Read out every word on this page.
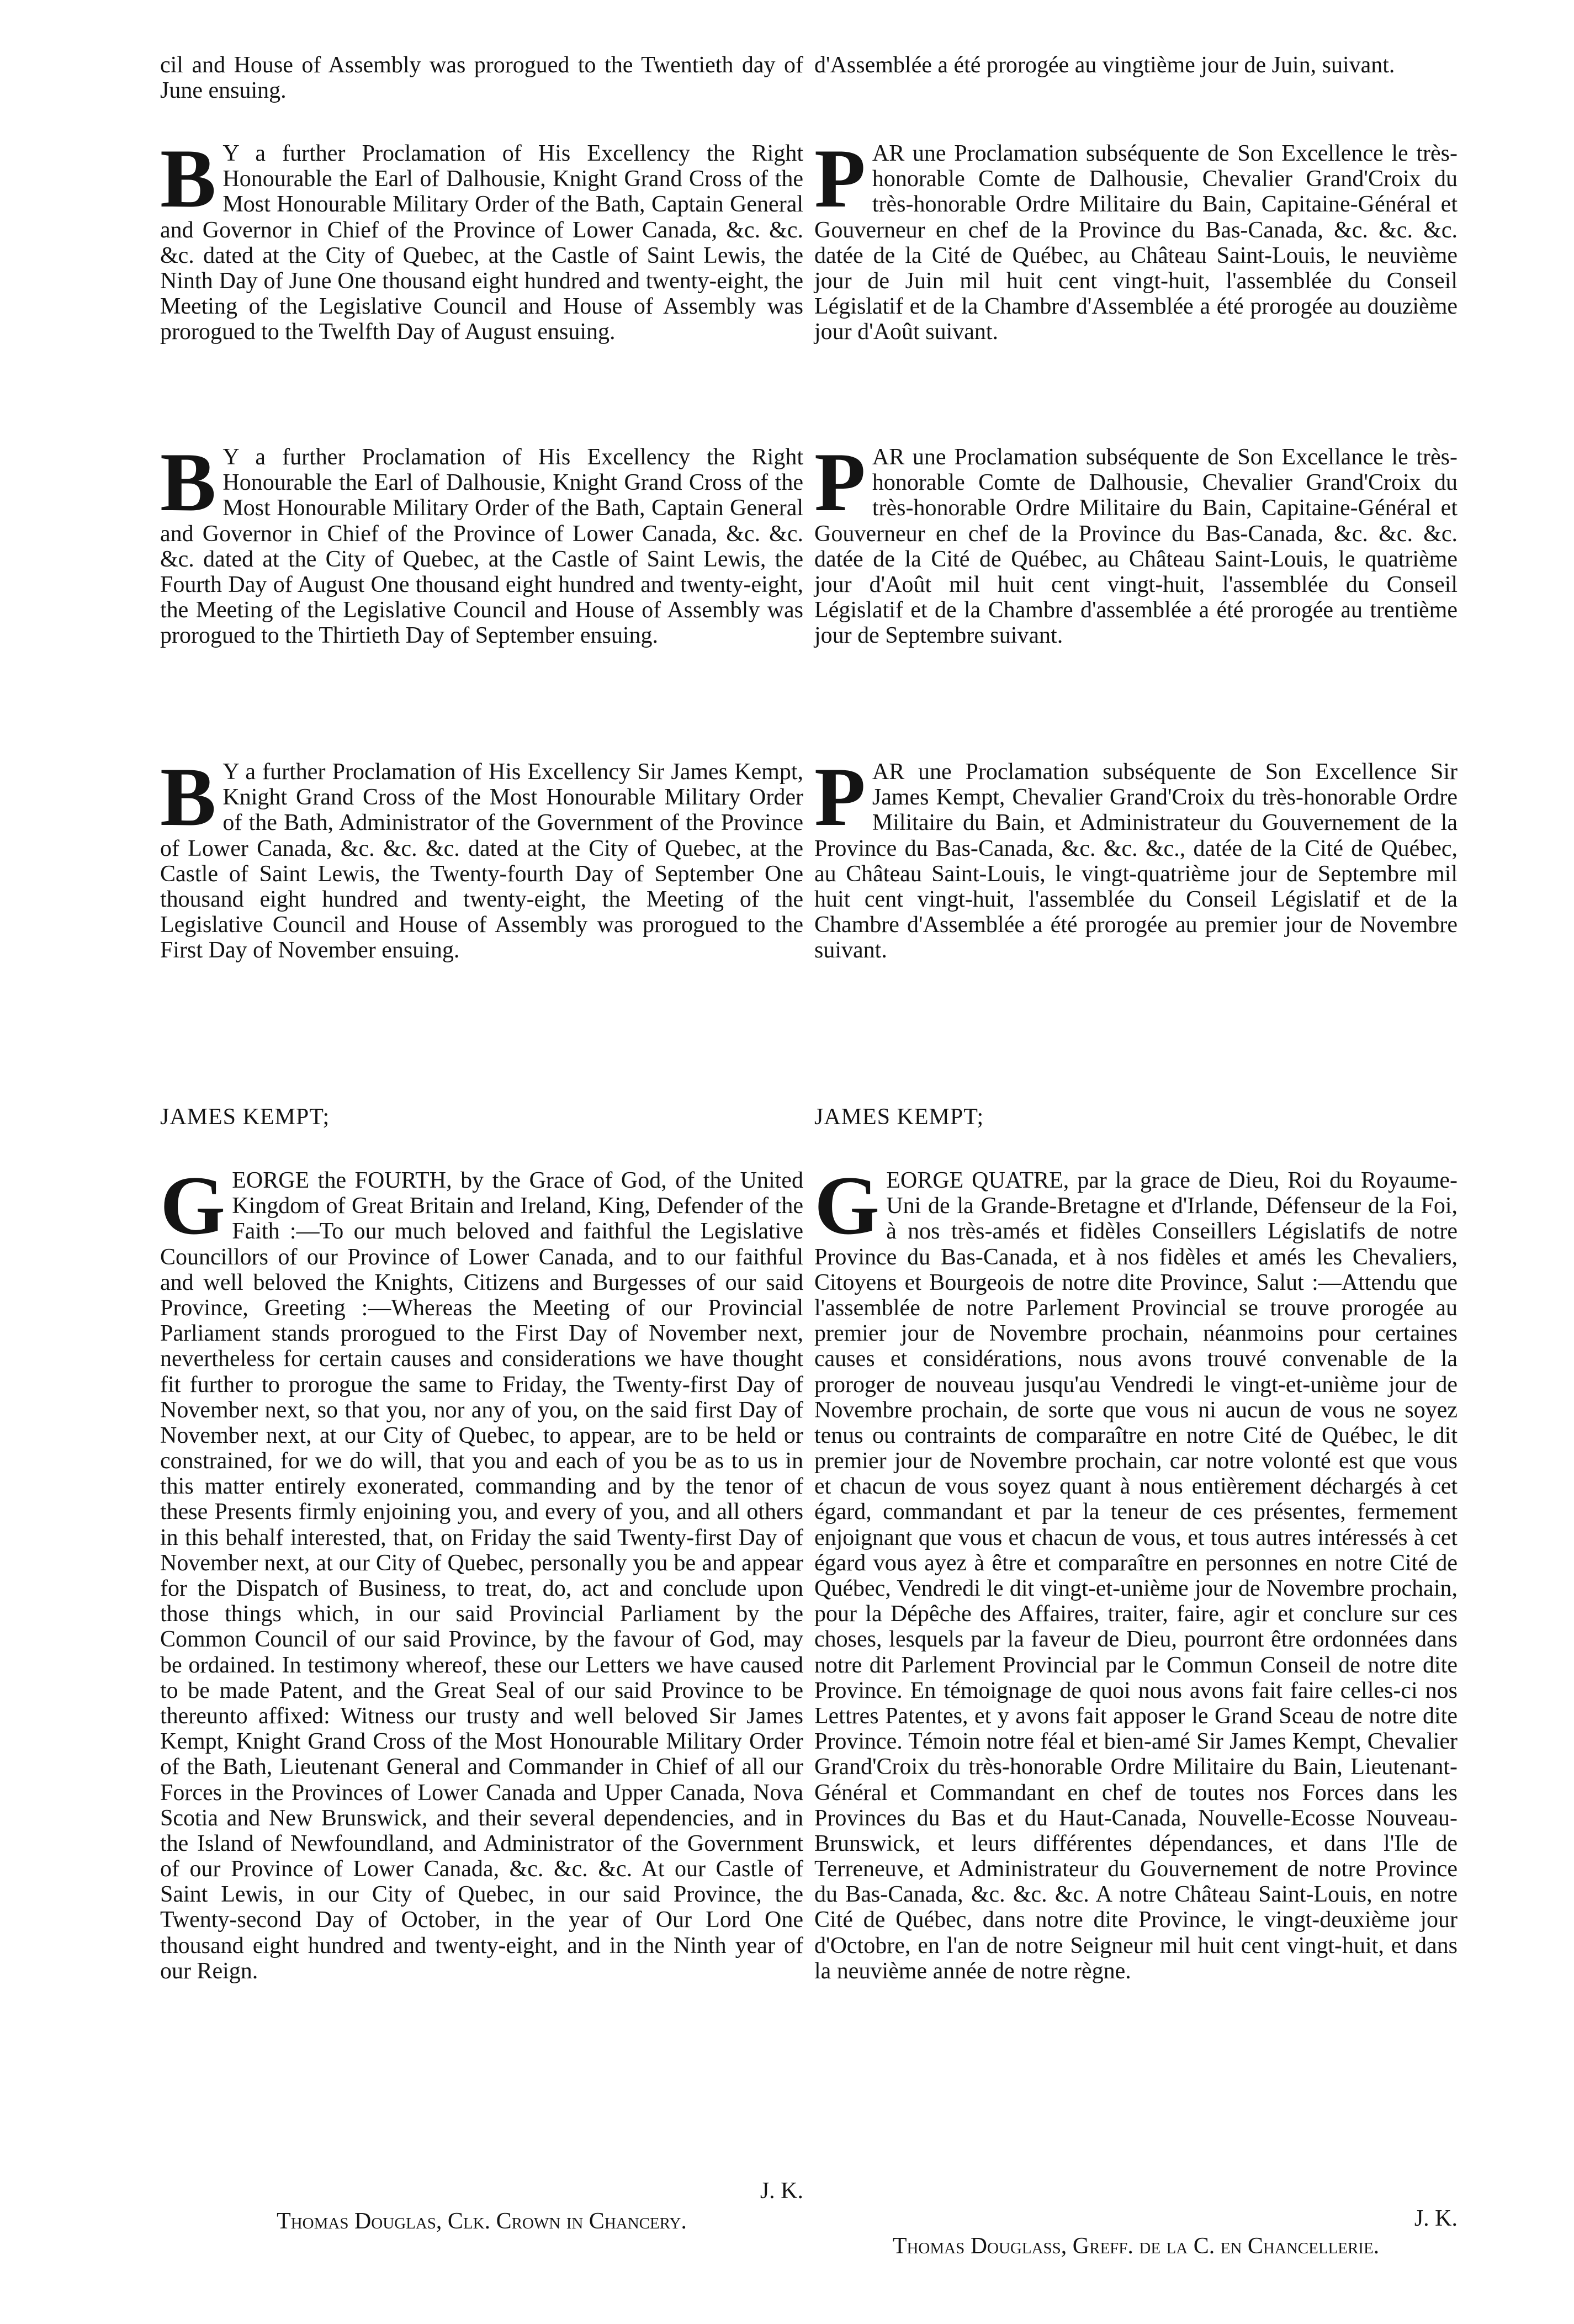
cil and House of Assembly was prorogued to the Twentieth day of June ensuing.

B Y a further Proclamation of His Excellency the Right Honourable the Earl of Dalhousie, Knight Grand Cross of the Most Honourable Military Order of the Bath, Captain General and Governor in Chief of the Province of Lower Canada, &c. &c. &c. dated at the City of Quebec, at the Castle of Saint Lewis, the Ninth Day of June One thousand eight hundred and twenty-eight, the Meeting of the Legislative Council and House of Assembly was prorogued to the Twelfth Day of August ensuing.

B Y a further Proclamation of His Excellency the Right Honourable the Earl of Dalhousie, Knight Grand Cross of the Most Honourable Military Order of the Bath, Captain General and Governor in Chief of the Province of Lower Canada, &c. &c. &c. dated at the City of Quebec, at the Castle of Saint Lewis, the Fourth Day of August One thousand eight hundred and twenty-eight, the Meeting of the Legislative Council and House of Assembly was prorogued to the Thirtieth Day of September ensuing.

B Y a further Proclamation of His Excellency Sir James Kempt, Knight Grand Cross of the Most Honourable Military Order of the Bath, Administrator of the Government of the Province of Lower Canada, &c. &c. &c. dated at the City of Quebec, at the Castle of Saint Lewis, the Twenty-fourth Day of September One thousand eight hundred and twenty-eight, the Meeting of the Legislative Council and House of Assembly was prorogued to the First Day of November ensuing.

JAMES KEMPT;

G EORGE the FOURTH, by the Grace of God, of the United Kingdom of Great Britain and Ireland, King, Defender of the Faith :—To our much beloved and faithful the Legislative Councillors of our Province of Lower Canada, and to our faithful and well beloved the Knights, Citizens and Burgesses of our said Province, Greeting :—Whereas the Meeting of our Provincial Parliament stands prorogued to the First Day of November next, nevertheless for certain causes and considerations we have thought fit further to prorogue the same to Friday, the Twenty-first Day of November next, so that you, nor any of you, on the said first Day of November next, at our City of Quebec, to appear, are to be held or constrained, for we do will, that you and each of you be as to us in this matter entirely exonerated, commanding and by the tenor of these Presents firmly enjoining you, and every of you, and all others in this behalf interested, that, on Friday the said Twenty-first Day of November next, at our City of Quebec, personally you be and appear for the Dispatch of Business, to treat, do, act and conclude upon those things which, in our said Provincial Parliament by the Common Council of our said Province, by the favour of God, may be ordained. In testimony whereof, these our Letters we have caused to be made Patent, and the Great Seal of our said Province to be thereunto affixed: Witness our trusty and well beloved Sir James Kempt, Knight Grand Cross of the Most Honourable Military Order of the Bath, Lieutenant General and Commander in Chief of all our Forces in the Provinces of Lower Canada and Upper Canada, Nova Scotia and New Brunswick, and their several dependencies, and in the Island of Newfoundland, and Administrator of the Government of our Province of Lower Canada, &c. &c. &c. At our Castle of Saint Lewis, in our City of Quebec, in our said Province, the Twenty-second Day of October, in the year of Our Lord One thousand eight hundred and twenty-eight, and in the Ninth year of our Reign.

J. K.

Thomas Douglas, Clk. Crown in Chancery.

d'Assemblée a été prorogée au vingtième jour de Juin, suivant.

P AR une Proclamation subséquente de Son Excellence le très-honorable Comte de Dalhousie, Chevalier Grand'Croix du très-honorable Ordre Militaire du Bain, Capitaine-Général et Gouverneur en chef de la Province du Bas-Canada, &c. &c. &c. datée de la Cité de Québec, au Château Saint-Louis, le neuvième jour de Juin mil huit cent vingt-huit, l'assemblée du Conseil Législatif et de la Chambre d'Assemblée a été prorogée au douzième jour d'Août suivant.

P AR une Proclamation subséquente de Son Excellance le très-honorable Comte de Dalhousie, Chevalier Grand'Croix du très-honorable Ordre Militaire du Bain, Capitaine-Général et Gouverneur en chef de la Province du Bas-Canada, &c. &c. &c. datée de la Cité de Québec, au Château Saint-Louis, le quatrième jour d'Août mil huit cent vingt-huit, l'assemblée du Conseil Législatif et de la Chambre d'assemblée a été prorogée au trentième jour de Septembre suivant.

P AR une Proclamation subséquente de Son Excellence Sir James Kempt, Chevalier Grand'Croix du très-honorable Ordre Militaire du Bain, et Administrateur du Gouvernement de la Province du Bas-Canada, &c. &c. &c., datée de la Cité de Québec, au Château Saint-Louis, le vingt-quatrième jour de Septembre mil huit cent vingt-huit, l'assemblée du Conseil Législatif et de la Chambre d'Assemblée a été prorogée au premier jour de Novembre suivant.

JAMES KEMPT;

G EORGE QUATRE, par la grace de Dieu, Roi du Royaume-Uni de la Grande-Bretagne et d'Irlande, Défenseur de la Foi, à nos très-amés et fidèles Conseillers Législatifs de notre Province du Bas-Canada, et à nos fidèles et amés les Chevaliers, Citoyens et Bourgeois de notre dite Province, Salut :—Attendu que l'assemblée de notre Parlement Provincial se trouve prorogée au premier jour de Novembre prochain, néanmoins pour certaines causes et considérations, nous avons trouvé convenable de la proroger de nouveau jusqu'au Vendredi le vingt-et-unième jour de Novembre prochain, de sorte que vous ni aucun de vous ne soyez tenus ou contraints de comparaître en notre Cité de Québec, le dit premier jour de Novembre prochain, car notre volonté est que vous et chacun de vous soyez quant à nous entièrement déchargés à cet égard, commandant et par la teneur de ces présentes, fermement enjoignant que vous et chacun de vous, et tous autres intéressés à cet égard vous ayez à être et comparaître en personnes en notre Cité de Québec, Vendredi le dit vingt-et-unième jour de Novembre prochain, pour la Dépêche des Affaires, traiter, faire, agir et conclure sur ces choses, lesquels par la faveur de Dieu, pourront être ordonnées dans notre dit Parlement Provincial par le Commun Conseil de notre dite Province. En témoignage de quoi nous avons fait faire celles-ci nos Lettres Patentes, et y avons fait apposer le Grand Sceau de notre dite Province. Témoin notre féal et bien-amé Sir James Kempt, Chevalier Grand'Croix du très-honorable Ordre Militaire du Bain, Lieutenant-Général et Commandant en chef de toutes nos Forces dans les Provinces du Bas et du Haut-Canada, Nouvelle-Ecosse Nouveau-Brunswick, et leurs différentes dépendances, et dans l'Ile de Terreneuve, et Administrateur du Gouvernement de notre Province du Bas-Canada, &c. &c. &c. A notre Château Saint-Louis, en notre Cité de Québec, dans notre dite Province, le vingt-deuxième jour d'Octobre, en l'an de notre Seigneur mil huit cent vingt-huit, et dans la neuvième année de notre règne.

J. K.

Thomas Douglass, Greff. de la C. en Chancellerie.
